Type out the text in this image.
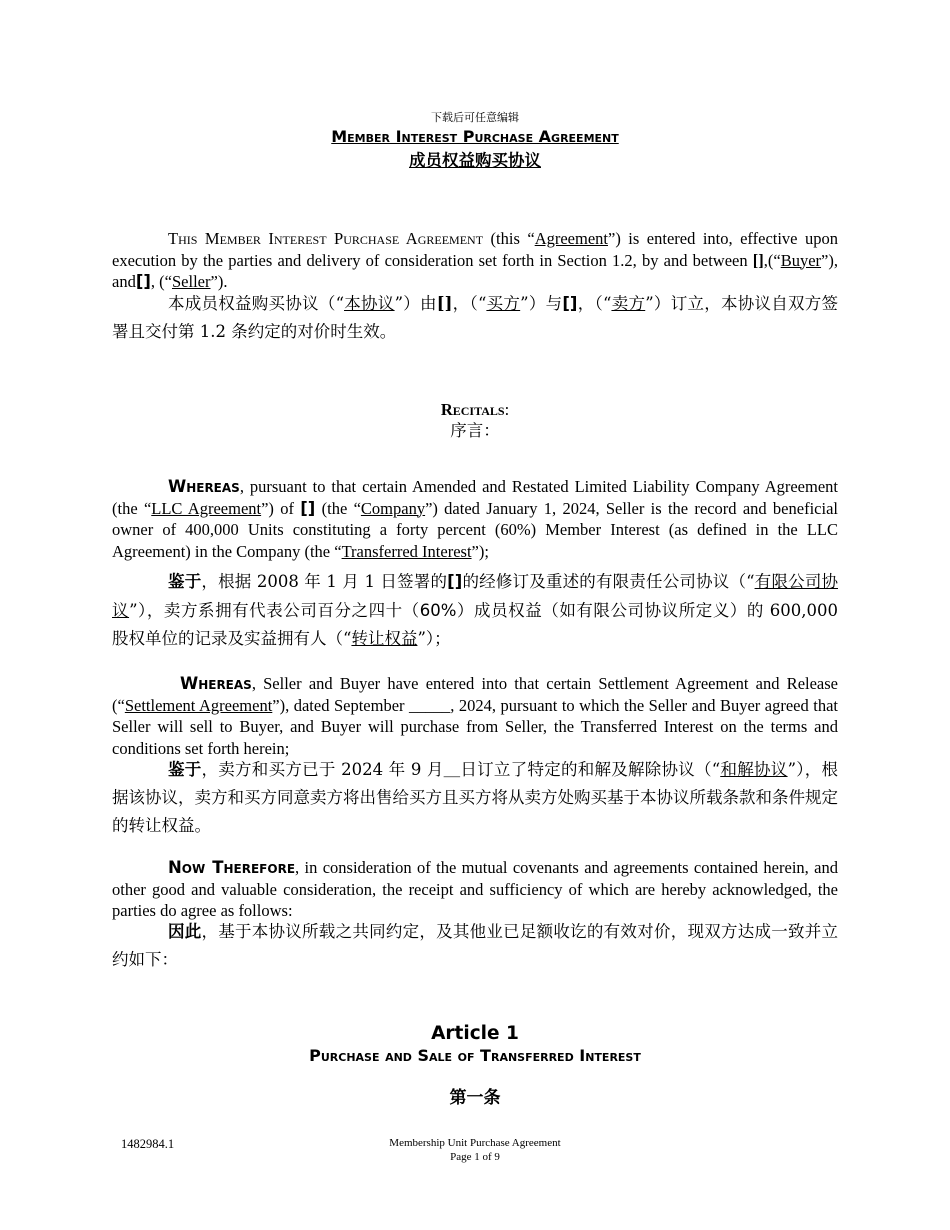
下载后可任意编辑
Member Interest Purchase Agreement
成员权益购买协议
This Member Interest Purchase Agreement (this “Agreement”) is entered into, effective upon execution by the parties and delivery of consideration set forth in Section 1.2, by and between [],(“Buyer”), and[], (“Seller”).
本成员权益购买协议（“本协议”）由[]，（“买方”）与[]，（“卖方”）订立，本协议自双方签署且交付第 1.2 条约定的对价时生效。
Recitals:
序言：
Whereas, pursuant to that certain Amended and Restated Limited Liability Company Agreement (the “LLC Agreement”) of [] (the “Company”) dated January 1, 2024, Seller is the record and beneficial owner of 400,000 Units constituting a forty percent (60%) Member Interest (as defined in the LLC Agreement) in the Company (the “Transferred Interest”);
鉴于，根据 2008 年 1 月 1 日签署的[]的经修订及重述的有限责任公司协议（“有限公司协议”），卖方系拥有代表公司百分之四十（60%）成员权益（如有限公司协议所定义）的 600,000 股权单位的记录及实益拥有人（“转让权益”）；
Whereas, Seller and Buyer have entered into that certain Settlement Agreement and Release (“Settlement Agreement”), dated September _____, 2024, pursuant to which the Seller and Buyer agreed that Seller will sell to Buyer, and Buyer will purchase from Seller, the Transferred Interest on the terms and conditions set forth herein;
鉴于，卖方和买方已于 2024 年 9 月＿日订立了特定的和解及解除协议（“和解协议”），根据该协议，卖方和买方同意卖方将出售给买方且买方将从卖方处购买基于本协议所载条款和条件规定的转让权益。
Now Therefore, in consideration of the mutual covenants and agreements contained herein, and other good and valuable consideration, the receipt and sufficiency of which are hereby acknowledged, the parties do agree as follows:
因此，基于本协议所载之共同约定，及其他业已足额收讫的有效对价，现双方达成一致并立约如下：
Article 1
Purchase and Sale of Transferred Interest
第一条
1482984.1	Membership Unit Purchase Agreement
Page 1 of 9
